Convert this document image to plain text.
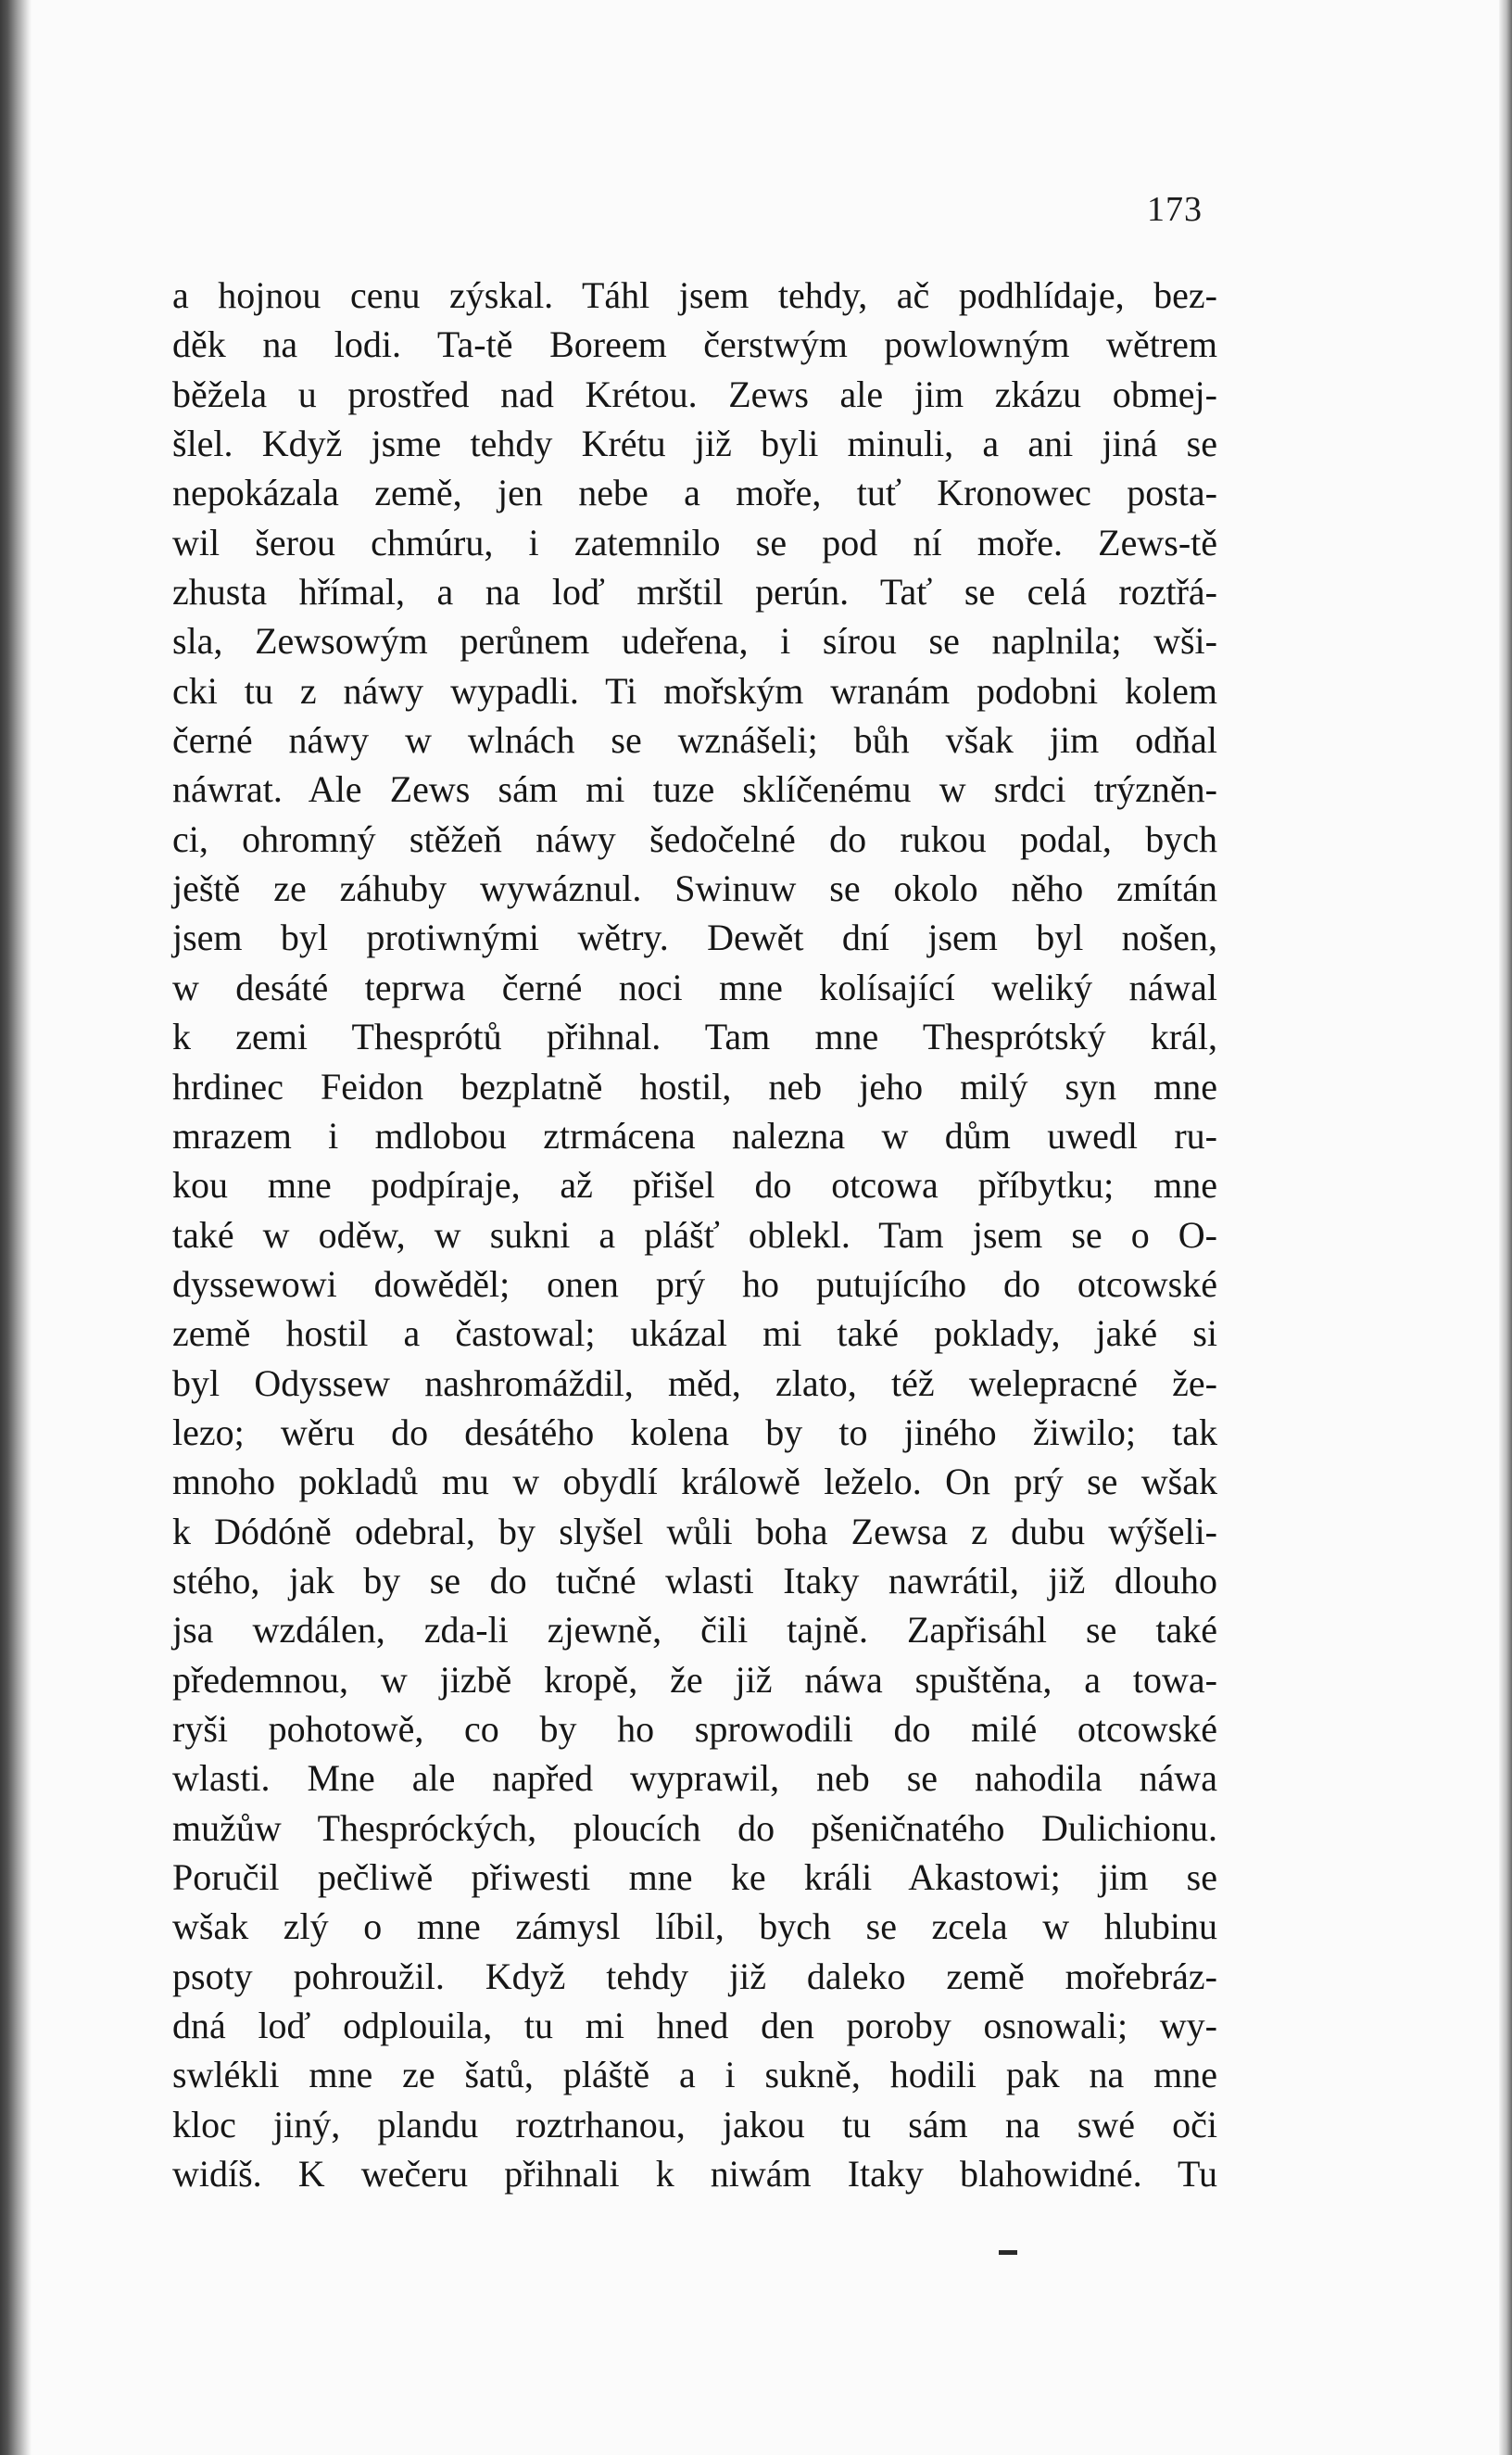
173
a hojnou cenu zýskal. Táhl jsem tehdy, ač podhlídaje, bez-
děk na lodi. Ta-tě Boreem čerstwým powlowným wětrem
běžela u prostřed nad Krétou. Zews ale jim zkázu obmej-
šlel. Když jsme tehdy Krétu již byli minuli, a ani jiná se
nepokázala země, jen nebe a moře, tuť Kronowec posta-
wil šerou chmúru, i zatemnilo se pod ní moře. Zews-tě
zhusta hřímal, a na loď mrštil perún. Tať se celá roztřá-
sla, Zewsowým perůnem udeřena, i sírou se naplnila; wši-
cki tu z náwy wypadli. Ti mořským wranám podobni kolem
černé náwy w wlnách se wznášeli; bůh však jim odňal
náwrat. Ale Zews sám mi tuze sklíčenému w srdci trýzněn-
ci, ohromný stěžeň náwy šedočelné do rukou podal, bych
ještě ze záhuby wywáznul. Swinuw se okolo něho zmítán
jsem byl protiwnými wětry. Dewět dní jsem byl nošen,
w desáté teprwa černé noci mne kolísající weliký náwal
k zemi Thesprótů přihnal. Tam mne Thesprótský král,
hrdinec Feidon bezplatně hostil, neb jeho milý syn mne
mrazem i mdlobou ztrmácena nalezna w dům uwedl ru-
kou mne podpíraje, až přišel do otcowa příbytku; mne
také w oděw, w sukni a plášť oblekl. Tam jsem se o O-
dyssewowi dowěděl; onen prý ho putujícího do otcowské
země hostil a častowal; ukázal mi také poklady, jaké si
byl Odyssew nashromáždil, měd, zlato, též welepracné že-
lezo; wěru do desátého kolena by to jiného žiwilo; tak
mnoho pokladů mu w obydlí králowě leželo. On prý se wšak
k Dódóně odebral, by slyšel wůli boha Zewsa z dubu wýšeli-
stého, jak by se do tučné wlasti Itaky nawrátil, již dlouho
jsa wzdálen, zda-li zjewně, čili tajně. Zapřisáhl se také
předemnou, w jizbě kropě, že již náwa spuštěna, a towa-
ryši pohotowě, co by ho sprowodili do milé otcowské
wlasti. Mne ale napřed wyprawil, neb se nahodila náwa
mužůw Thespróckých, ploucích do pšeničnatého Dulichionu.
Poručil pečliwě přiwesti mne ke králi Akastowi; jim se
wšak zlý o mne zámysl líbil, bych se zcela w hlubinu
psoty pohroužil. Když tehdy již daleko země mořebráz-
dná loď odplouila, tu mi hned den poroby osnowali; wy-
swlékli mne ze šatů, pláště a i sukně, hodili pak na mne
kloc jiný, plandu roztrhanou, jakou tu sám na swé oči
widíš. K wečeru přihnali k niwám Itaky blahowidné. Tu
